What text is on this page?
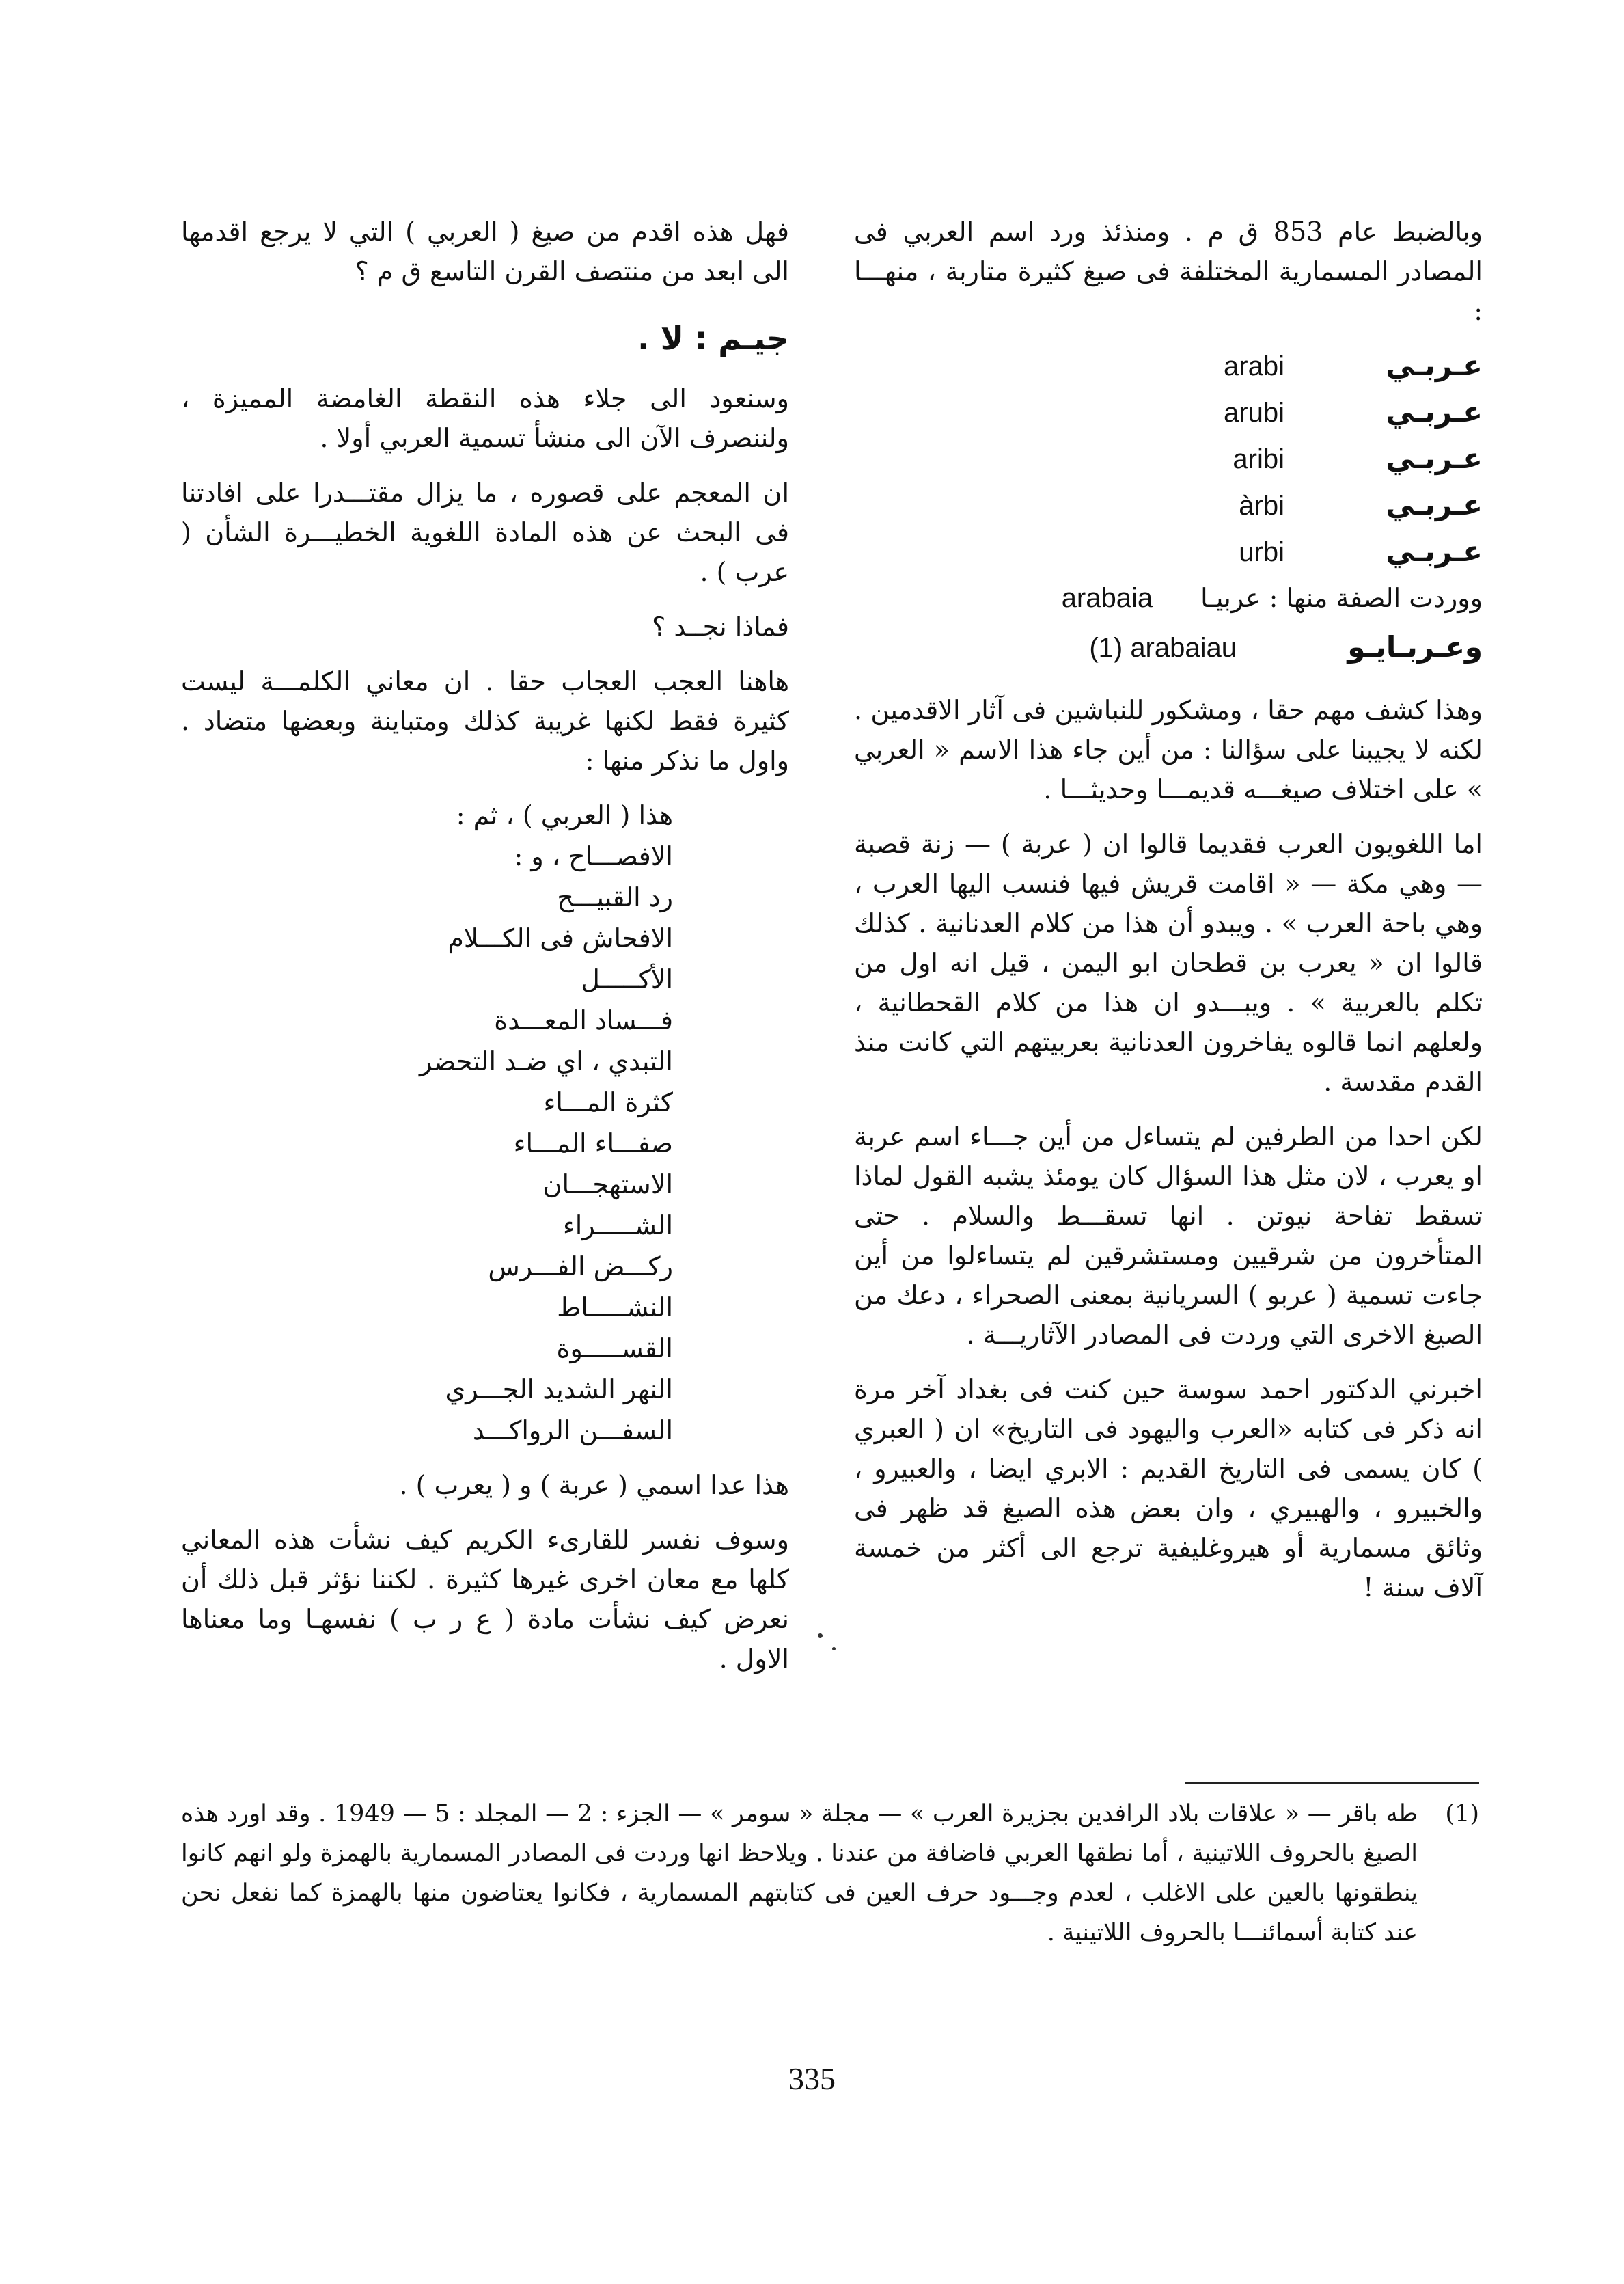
وبالضبط عام 853 ق م . ومنذئذ ورد اسم العربي فى المصادر المسمارية المختلفة فى صيغ كثيرة متاربة ، منهـــا :

عـربـي
arabi
عـربـي
arubi
عـربـي
aribi
عـربـي
àrbi
عـربـي
urbi
ووردت الصفة منها : عربيـا
arabaia
وعـربـايـو
(1) arabaiau

وهذا كشف مهم حقا ، ومشكور للنباشين فى آثار الاقدمين . لكنه لا يجيبنا على سؤالنا : من أين جاء هذا الاسم « العربي » على اختلاف صيغـــه قديمـــا وحديثـــا .

اما اللغويون العرب فقديما قالوا ان ( عربة ) — زنة قصبة — وهي مكة — « اقامت قريش فيها فنسب اليها العرب ، وهي باحة العرب » . ويبدو أن هذا من كلام العدنانية . كذلك قالوا ان « يعرب بن قطحان ابو اليمن ، قيل انه اول من تكلم بالعربية » . ويبـــدو ان هذا من كلام القحطانية ، ولعلهم انما قالوه يفاخرون العدنانية بعربيتهم التي كانت منذ القدم مقدسة .

لكن احدا من الطرفين لم يتساءل من أين جـــاء اسم عربة او يعرب ، لان مثل هذا السؤال كان يومئذ يشبه القول لماذا تسقط تفاحة نيوتن . انها تسقـــط والسلام . حتى المتأخرون من شرقيين ومستشرقين لم يتساءلوا من أين جاءت تسمية ( عربو ) السريانية بمعنى الصحراء ، دعك من الصيغ الاخرى التي وردت فى المصادر الآثاريـــة .

اخبرني الدكتور احمد سوسة حين كنت فى بغداد آخر مرة انه ذكر فى كتابه «العرب واليهود فى التاريخ» ان ( العبري ) كان يسمى فى التاريخ القديم : الابري ايضا ، والعبيرو ، والخبيرو ، والهبيري ، وان بعض هذه الصيغ قد ظهر فى وثائق مسمارية أو هيروغليفية ترجع الى أكثر من خمسة آلاف سنة !

فهل هذه اقدم من صيغ ( العربي ) التي لا يرجع اقدمها الى ابعد من منتصف القرن التاسع ق م ؟

جيـم : لا .

وسنعود الى جلاء هذه النقطة الغامضة المميزة ، ولننصرف الآن الى منشأ تسمية العربي أولا .

ان المعجم على قصوره ، ما يزال مقتـــدرا على افادتنا فى البحث عن هذه المادة اللغوية الخطيـــرة الشأن ( عرب ) .

فماذا نجــد ؟

هاهنا العجب العجاب حقا . ان معاني الكلمـــة ليست كثيرة فقط لكنها غريبة كذلك ومتباينة وبعضها متضاد . واول ما نذكر منها :

هذا ( العربي ) ، ثم :
الافصـــاح ، و :
رد القبيـــح
الافحاش فى الكـــلام
الأكـــــل
فـــساد المعـــدة
التبدي ، اي ضـد التحضر
كثرة المـــاء
صفـــاء المـــاء
الاستهجـــان
الشـــــراء
ركـــض الفـــرس
النشـــــاط
القســـــوة
النهر الشديد الجـــري
السفـــن الرواكـــد

هذا عدا اسمي ( عربة ) و ( يعرب ) .

وسوف نفسر للقارىء الكريم كيف نشأت هذه المعاني كلها مع معان اخرى غيرها كثيرة . لكننا نؤثر قبل ذلك أن نعرض كيف نشأت مادة ( ع ر ب ) نفسهـا وما معناها الاول .

(1)
طه باقر — « علاقات بلاد الرافدين بجزيرة العرب » — مجلة « سومر » — الجزء : 2 — المجلد : 5 — 1949 . وقد اورد هذه الصيغ بالحروف اللاتينية ، أما نطقها العربي فاضافة من عندنا . ويلاحظ انها وردت فى المصادر المسمارية بالهمزة ولو انهم كانوا ينطقونها بالعين على الاغلب ، لعدم وجـــود حرف العين فى كتابتهم المسمارية ، فكانوا يعتاضون منها بالهمزة كما نفعل نحن عند كتابة أسمائنـــا بالحروف اللاتينية .
335
